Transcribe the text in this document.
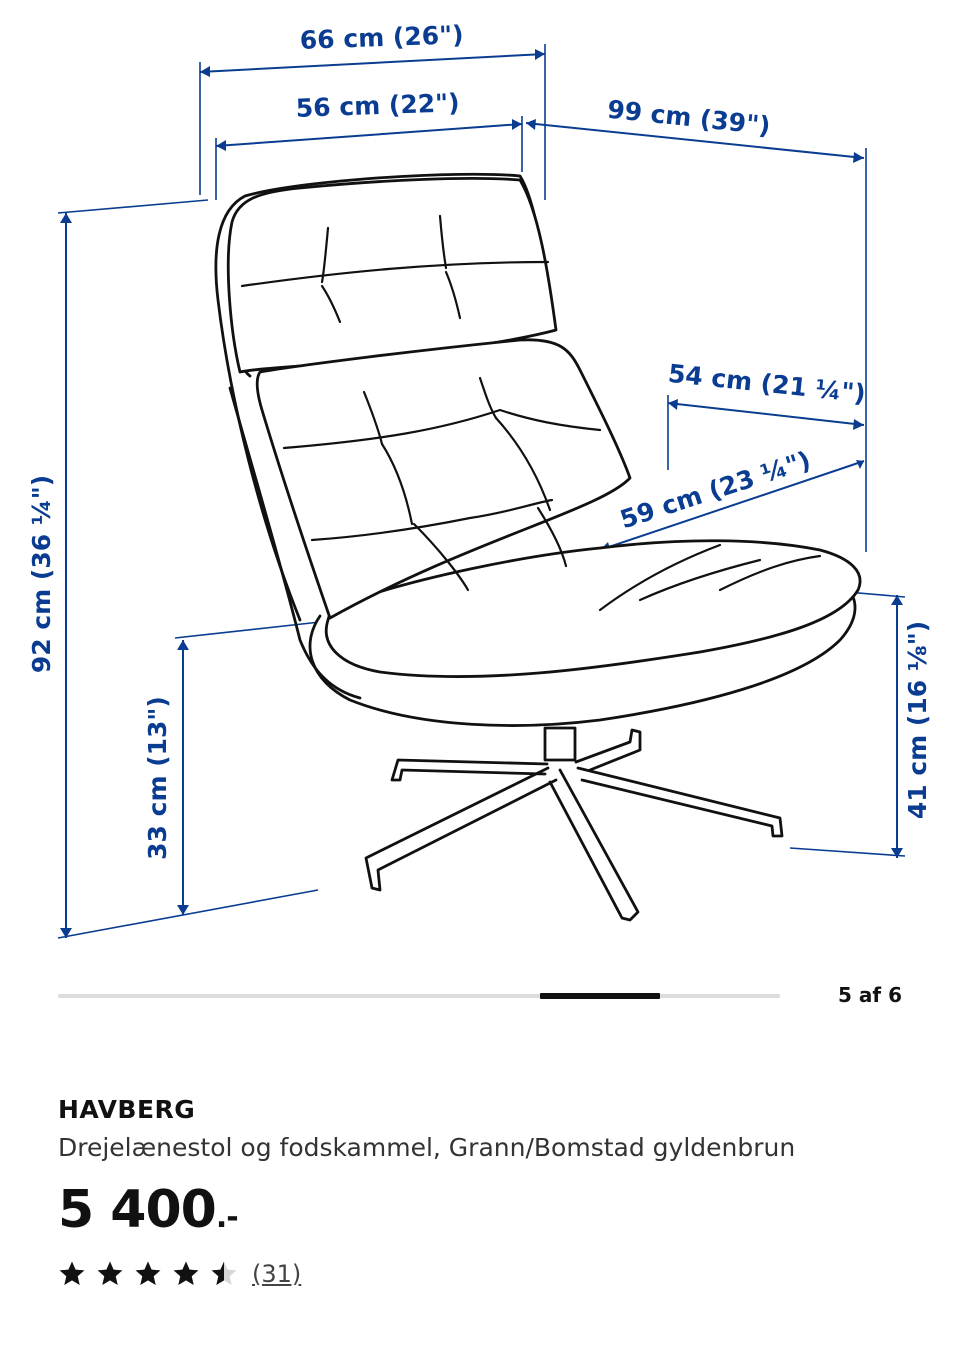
66 cm (26")
56 cm (22")	99 cm (39")
54 cm (21 ¼")
59 cm (23 ¼")
92 cm (36 ¼")
33 cm (13")	41 cm (16 ⅛")
5 af 6
HAVBERG
Drejelænestol og fodskammel, Grann/Bomstad gyldenbrun
5 400.-
(31)
